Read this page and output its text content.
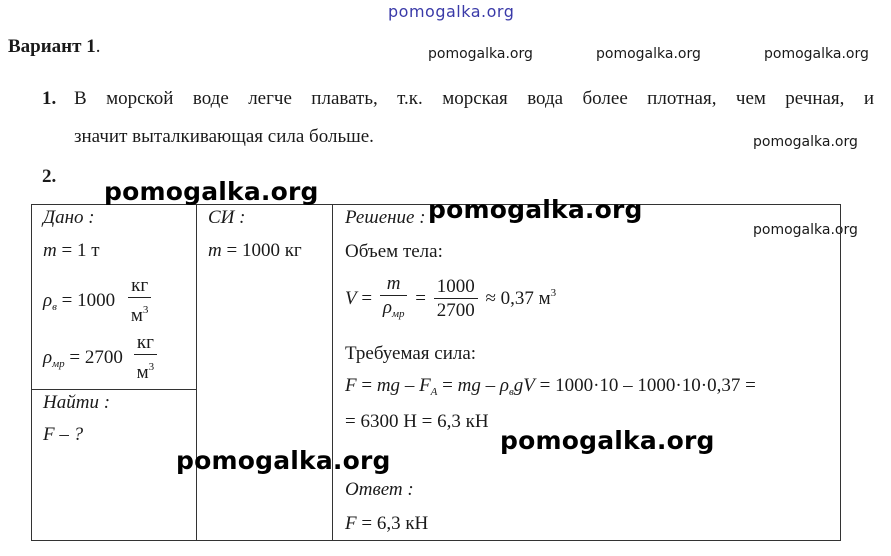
pomogalka.org
Вариант 1.	pomogalka.org	pomogalka.org	pomogalka.org
pomogalka.org
pomogalka.org
1. В морской воде легче плавать, т.к. морская вода более плотная, чем речная, и
значит выталкивающая сила больше.
2.
Дано :
m = 1 т
$\rho_в = 1000 \frac{кг}{м^3}$
$\rho_{мр} = 2700 \frac{кг}{м^3}$

СИ :
m = 1000 кг

Решение :
Объем тела:
$V = \frac{m}{\rho_{мр}} = \frac{1000}{2700} \approx 0,37$ $м^3$
Требуемая сила:
F = mg – $F_A$ = mg – $\rho_вgV = 1000\cdot 10 - 1000\cdot 10\cdot 0,37$ =
= 6300 Н = 6,3 кН
Ответ :
F = 6,3 кН

Найти :
F – ?
pomogalka.org
pomogalka.org
pomogalka.org
pomogalka.org
